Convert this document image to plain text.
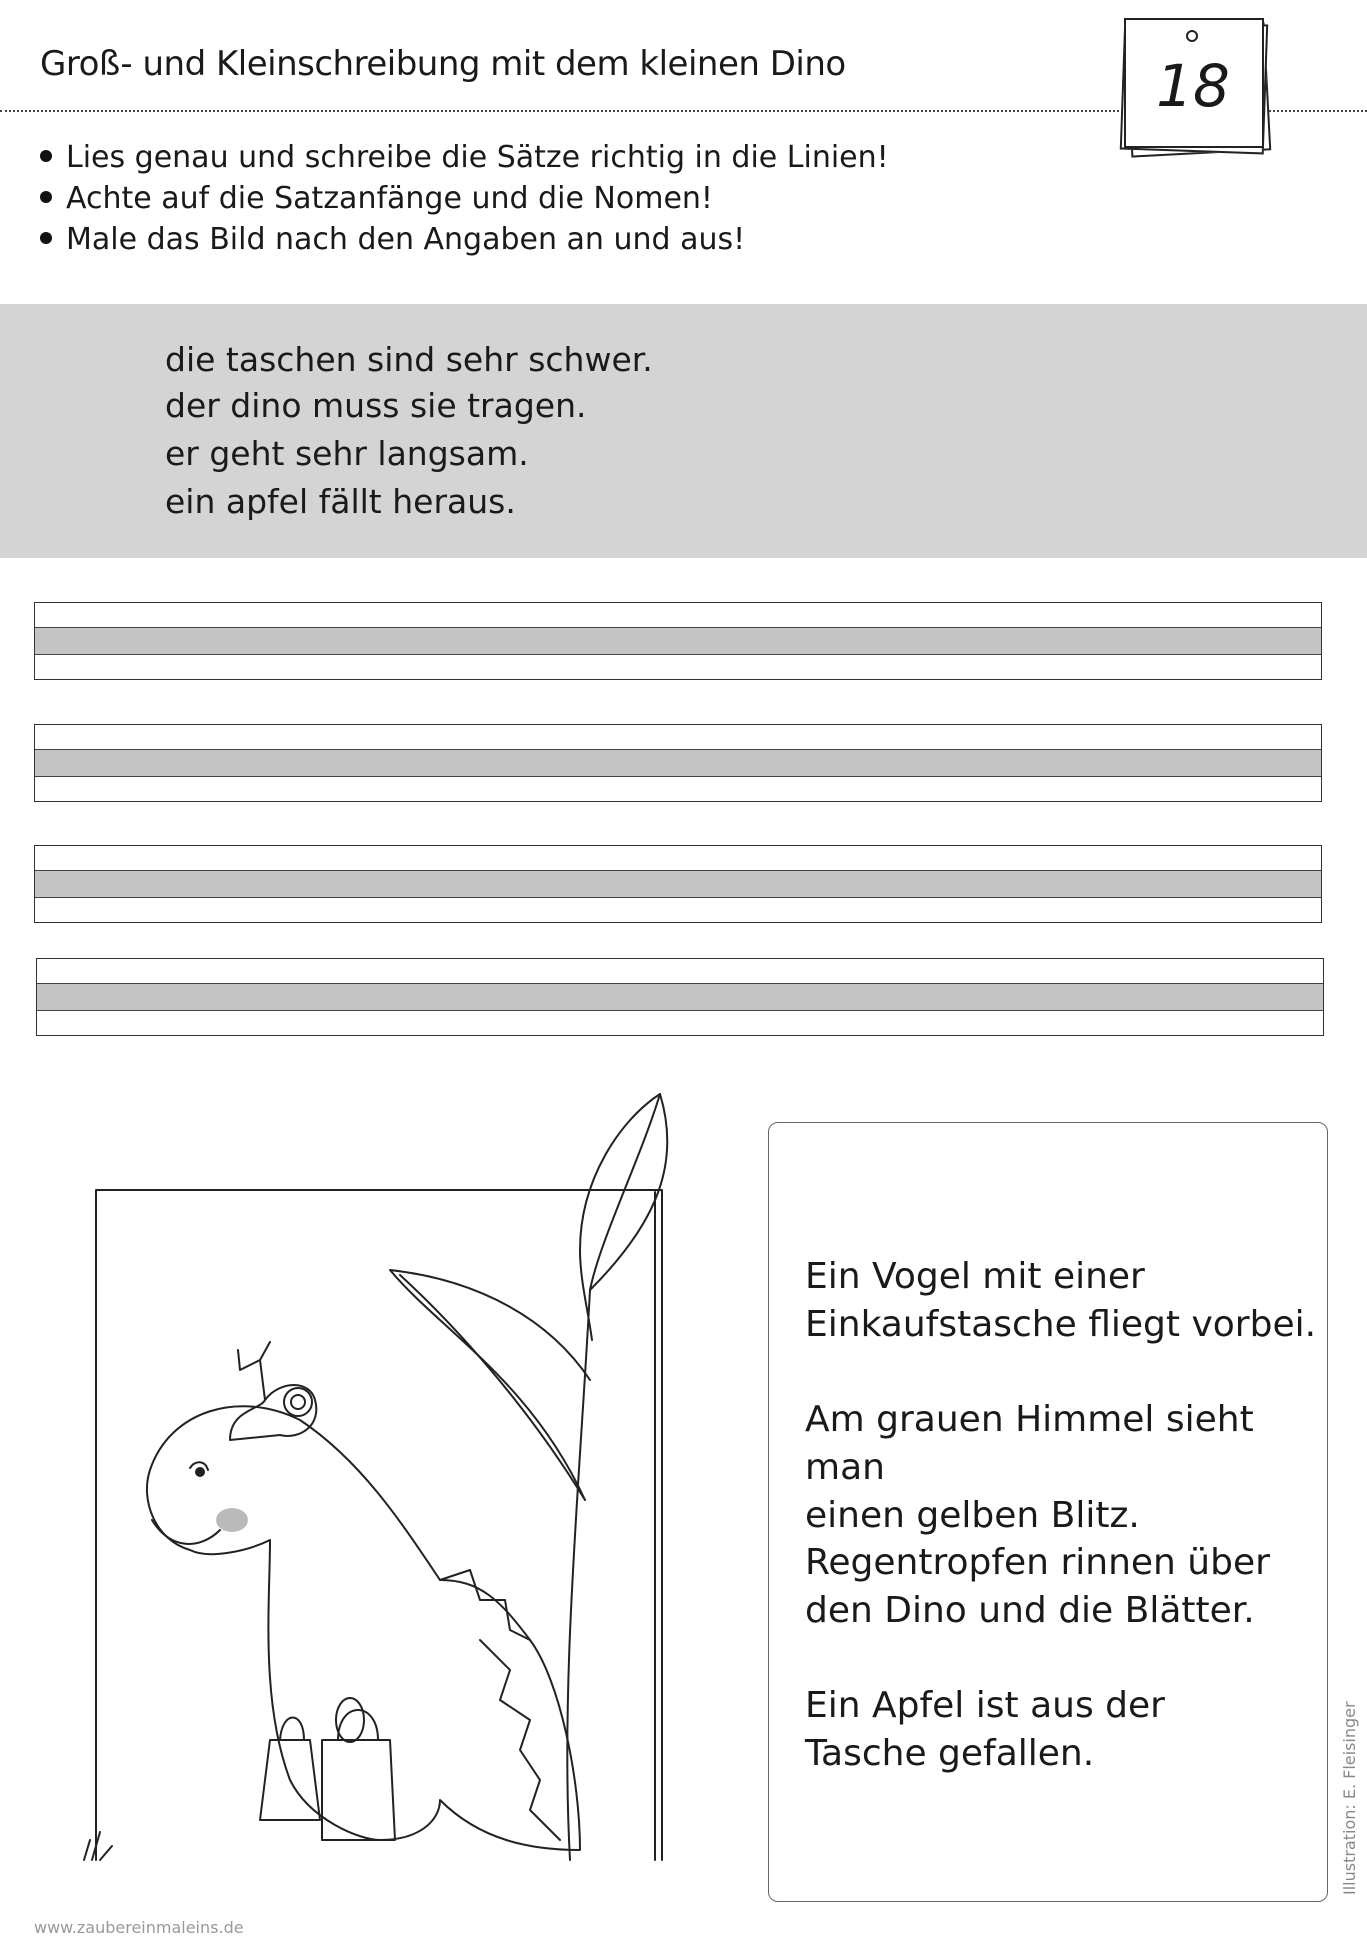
Groß- und Kleinschreibung mit dem kleinen Dino	18
Lies genau und schreibe die Sätze richtig in die Linien!
Achte auf die Satzanfänge und die Nomen!
Male das Bild nach den Angaben an und aus!
die taschen sind sehr schwer.
der dino muss sie tragen.
er geht sehr langsam.
ein apfel fällt heraus.
Ein Vogel mit einer
Einkaufstasche fliegt vorbei.
Am grauen Himmel sieht man
einen gelben Blitz.
Regentropfen rinnen über
den Dino und die Blätter.
Ein Apfel ist aus der
Tasche gefallen.	Illustration: E. Fleisinger
www.zaubereinmaleins.de
